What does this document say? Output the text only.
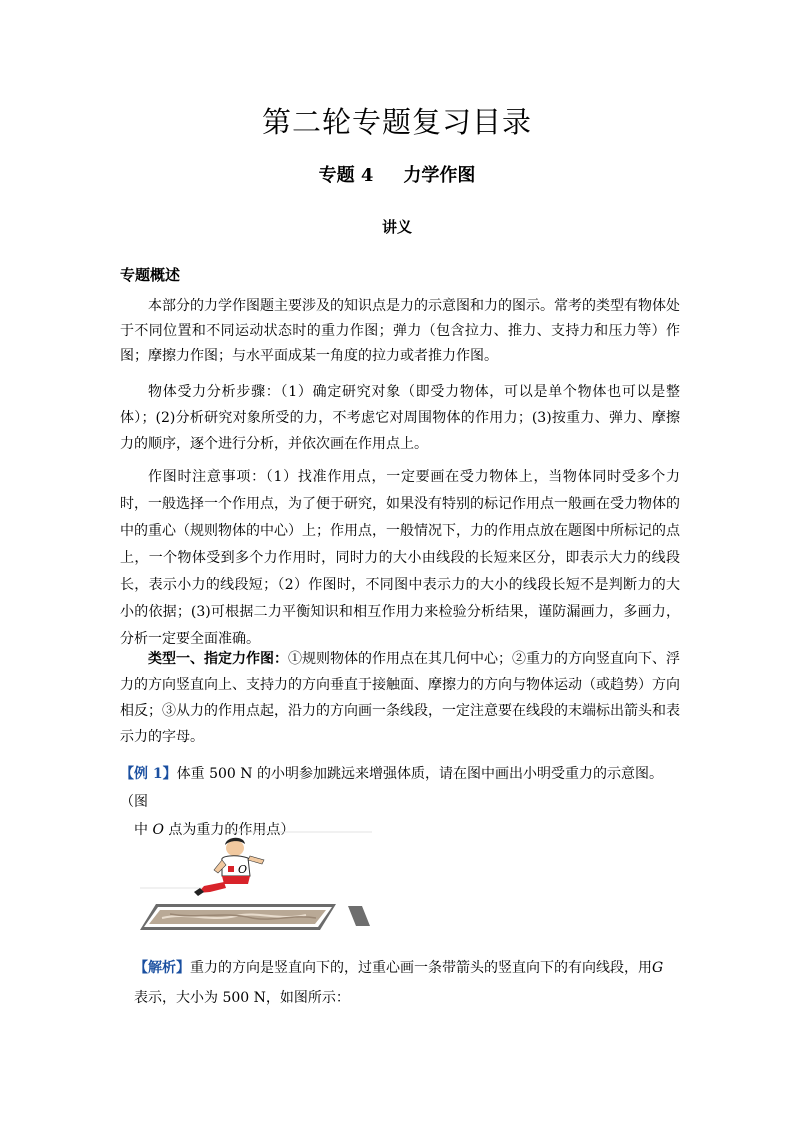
第二轮专题复习目录
专题 4 力学作图
讲义
专题概述

本部分的力学作图题主要涉及的知识点是力的示意图和力的图示。常考的类型有物体处于不同位置和不同运动状态时的重力作图；弹力（包含拉力、推力、支持力和压力等）作图；摩擦力作图；与水平面成某一角度的拉力或者推力作图。

物体受力分析步骤：（1）确定研究对象（即受力物体，可以是单个物体也可以是整体）；(2)分析研究对象所受的力，不考虑它对周围物体的作用力；(3)按重力、弹力、摩擦力的顺序，逐个进行分析，并依次画在作用点上。

作图时注意事项：（1）找准作用点，一定要画在受力物体上，当物体同时受多个力时，一般选择一个作用点，为了便于研究，如果没有特别的标记作用点一般画在受力物体的中的重心（规则物体的中心）上；作用点，一般情况下，力的作用点放在题图中所标记的点上，一个物体受到多个力作用时，同时力的大小由线段的长短来区分，即表示大力的线段长，表示小力的线段短；（2）作图时，不同图中表示力的大小的线段长短不是判断力的大小的依据；(3)可根据二力平衡知识和相互作用力来检验分析结果，谨防漏画力，多画力，分析一定要全面准确。

类型一、指定力作图：①规则物体的作用点在其几何中心；②重力的方向竖直向下、浮力的方向竖直向上、支持力的方向垂直于接触面、摩擦力的方向与物体运动（或趋势）方向相反；③从力的作用点起，沿力的方向画一条线段，一定注意要在线段的末端标出箭头和表示力的字母。

【例 1】体重 500 N 的小明参加跳远来增强体质，请在图中画出小明受重力的示意图。（图
中 O 点为重力的作用点）

O

【解析】重力的方向是竖直向下的，过重心画一条带箭头的竖直向下的有向线段，用G
表示，大小为 500 N，如图所示：
